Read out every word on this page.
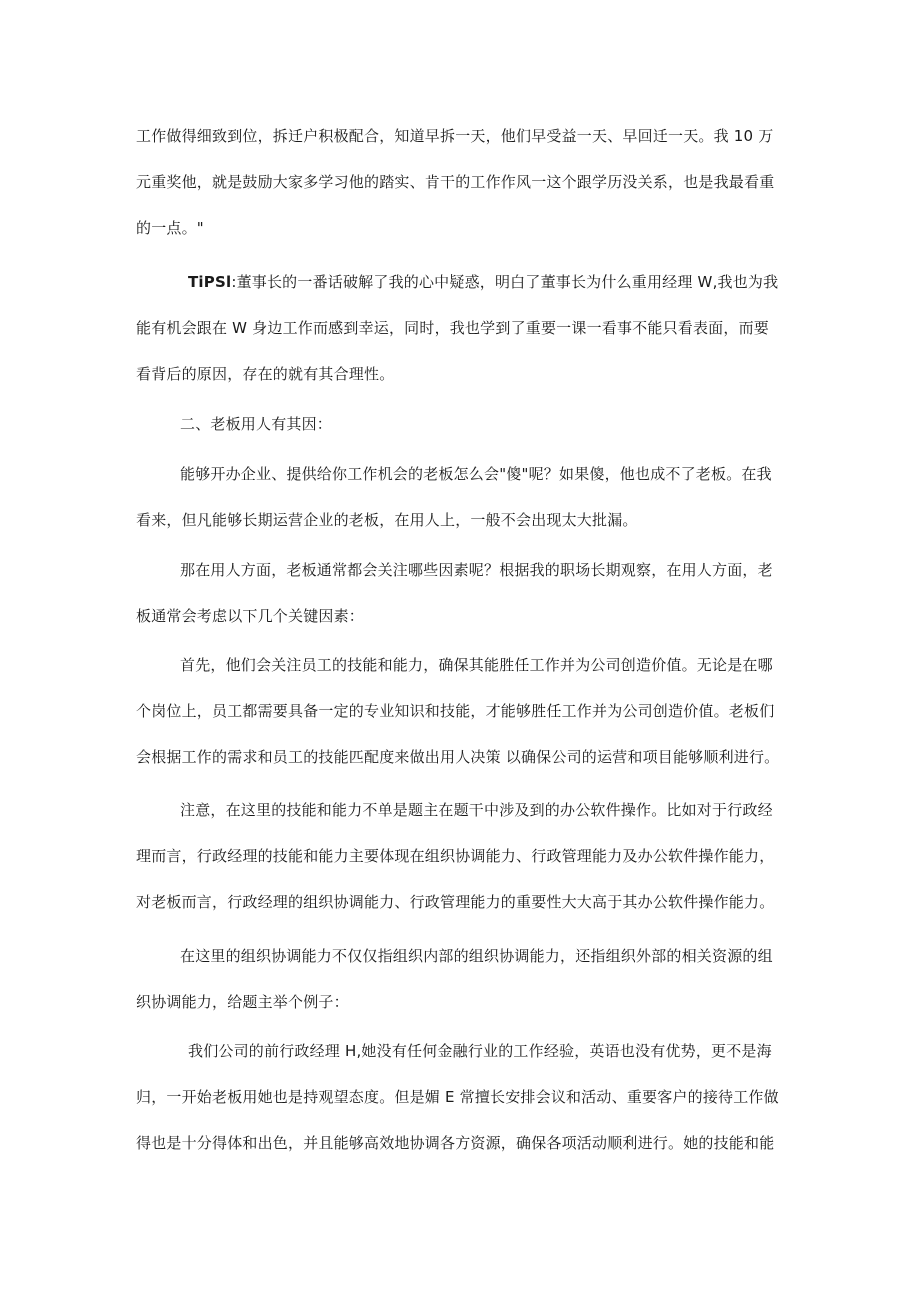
工作做得细致到位，拆迁户积极配合，知道早拆一天，他们早受益一天、早回迁一天。我 10 万
元重奖他，就是鼓励大家多学习他的踏实、肯干的工作作风一这个跟学历没关系，也是我最看重
的一点。"
TiPSl:董事长的一番话破解了我的心中疑惑，明白了董事长为什么重用经理 W,我也为我
能有机会跟在 W 身边工作而感到幸运，同时，我也学到了重要一课一看事不能只看表面，而要
看背后的原因，存在的就有其合理性。
二、老板用人有其因：
能够开办企业、提供给你工作机会的老板怎么会"傻"呢？如果傻，他也成不了老板。在我
看来，但凡能够长期运营企业的老板，在用人上，一般不会出现太大批漏。
那在用人方面，老板通常都会关注哪些因素呢？根据我的职场长期观察，在用人方面，老
板通常会考虑以下几个关键因素：
首先，他们会关注员工的技能和能力，确保其能胜任工作并为公司创造价值。无论是在哪
个岗位上，员工都需要具备一定的专业知识和技能，才能够胜任工作并为公司创造价值。老板们
会根据工作的需求和员工的技能匹配度来做出用人决策 以确保公司的运营和项目能够顺利进行。
注意，在这里的技能和能力不单是题主在题干中涉及到的办公软件操作。比如对于行政经
理而言，行政经理的技能和能力主要体现在组织协调能力、行政管理能力及办公软件操作能力，
对老板而言，行政经理的组织协调能力、行政管理能力的重要性大大高于其办公软件操作能力。
在这里的组织协调能力不仅仅指组织内部的组织协调能力，还指组织外部的相关资源的组
织协调能力，给题主举个例子：
我们公司的前行政经理 H,她没有任何金融行业的工作经验，英语也没有优势，更不是海
归，一开始老板用她也是持观望态度。但是媚 E 常擅长安排会议和活动、重要客户的接待工作做
得也是十分得体和出色，并且能够高效地协调各方资源，确保各项活动顺利进行。她的技能和能
